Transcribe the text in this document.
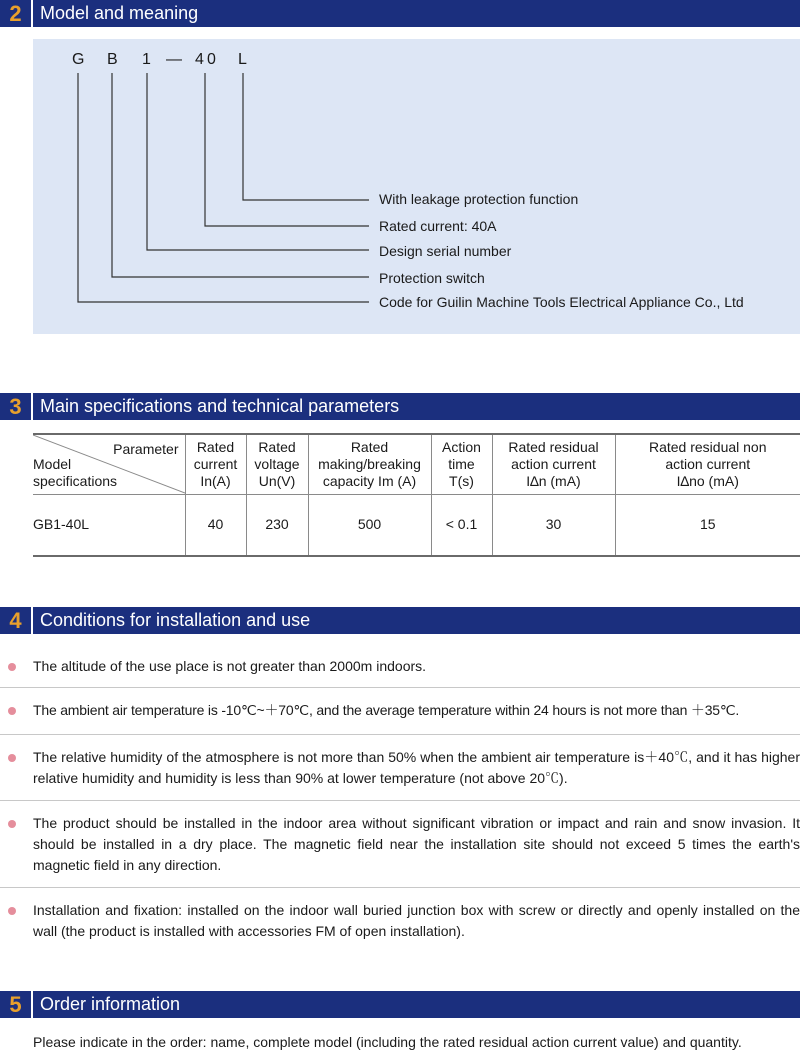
2	Model and meaning
G B 1 — 4 0 L
With leakage protection function
Rated current: 40A
Design serial number
Protection switch
Code for Guilin Machine Tools Electrical Appliance Co., Ltd
3	Main specifications and technical parameters
Parameter
Model
specifications	Rated
current
In(A)	Rated
voltage
Un(V)	Rated
making/breaking
capacity Im (A)	Action
time
T(s)	Rated residual
action current
I∆n (mA)	Rated residual non
action current
I∆no (mA)
GB1-40L	40	230	500	< 0.1	30	15
4	Conditions for installation and use
The altitude of the use place is not greater than 2000m indoors.
The ambient air temperature is -10℃~＋70℃, and the average temperature within 24 hours is not more than ＋35℃.
The relative humidity of the atmosphere is not more than 50% when the ambient air temperature is＋40℃, and it has higher relative humidity and humidity is less than 90% at lower temperature (not above 20℃).
The product should be installed in the indoor area without significant vibration or impact and rain and snow invasion. It should be installed in a dry place. The magnetic field near the installation site should not exceed 5 times the earth's magnetic field in any direction.
Installation and fixation: installed on the indoor wall buried junction box with screw or directly and openly installed on the wall (the product is installed with accessories FM of open installation).
5	Order information
Please indicate in the order: name, complete model (including the rated residual action current value) and quantity.
